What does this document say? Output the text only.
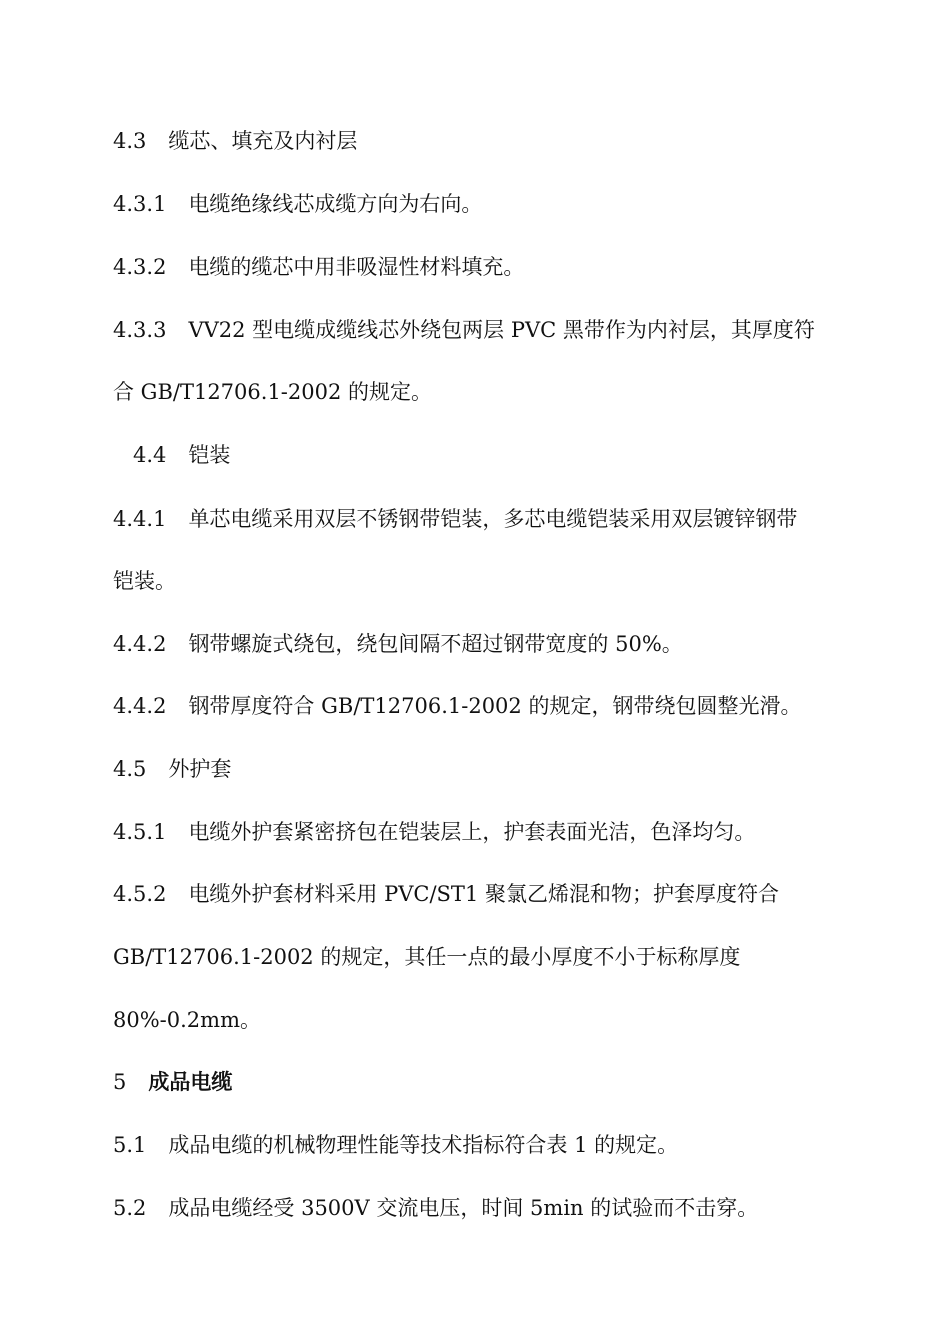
4.3 缆芯、填充及内衬层
4.3.1 电缆绝缘线芯成缆方向为右向。
4.3.2 电缆的缆芯中用非吸湿性材料填充。
4.3.3 VV22 型电缆成缆线芯外绕包两层 PVC 黑带作为内衬层，其厚度符
合 GB/T12706.1-2002 的规定。
4.4 铠装
4.4.1 单芯电缆采用双层不锈钢带铠装，多芯电缆铠装采用双层镀锌钢带
铠装。
4.4.2 钢带螺旋式绕包，绕包间隔不超过钢带宽度的 50%。
4.4.2 钢带厚度符合 GB/T12706.1-2002 的规定，钢带绕包圆整光滑。
4.5 外护套
4.5.1 电缆外护套紧密挤包在铠装层上，护套表面光洁，色泽均匀。
4.5.2 电缆外护套材料采用 PVC/ST1 聚氯乙烯混和物；护套厚度符合
GB/T12706.1-2002 的规定，其任一点的最小厚度不小于标称厚度
80%-0.2mm。
5 成品电缆
5.1 成品电缆的机械物理性能等技术指标符合表 1 的规定。
5.2 成品电缆经受 3500V 交流电压，时间 5min 的试验而不击穿。
